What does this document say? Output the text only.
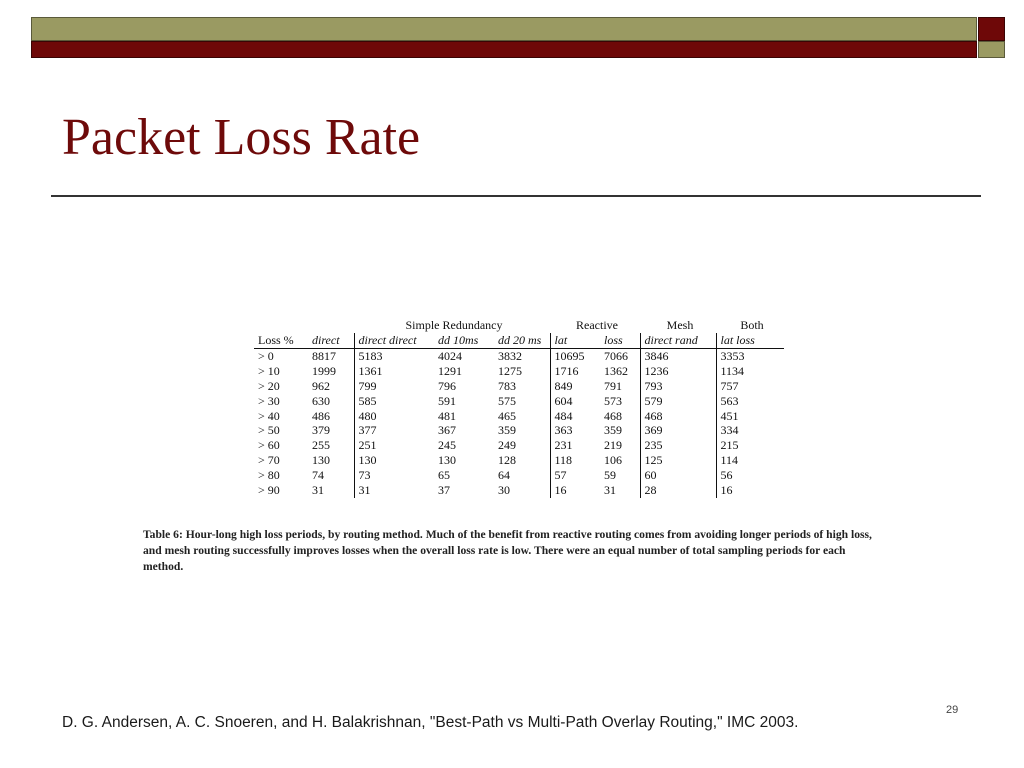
Packet Loss Rate
		Simple Redundancy			Reactive		Mesh	Both
Loss %	direct	direct direct	dd 10ms	dd 20 ms	lat	loss	direct rand	lat loss
> 0	8817	5183	4024	3832	10695	7066	3846	3353
> 10	1999	1361	1291	1275	1716	1362	1236	1134
> 20	962	799	796	783	849	791	793	757
> 30	630	585	591	575	604	573	579	563
> 40	486	480	481	465	484	468	468	451
> 50	379	377	367	359	363	359	369	334
> 60	255	251	245	249	231	219	235	215
> 70	130	130	130	128	118	106	125	114
> 80	74	73	65	64	57	59	60	56
> 90	31	31	37	30	16	31	28	16

Table 6: Hour-long high loss periods, by routing method. Much of the benefit from reactive routing comes from avoiding longer periods of high loss, and mesh routing successfully improves losses when the overall loss rate is low. There were an equal number of total sampling periods for each method.

29

D. G. Andersen, A. C. Snoeren, and H. Balakrishnan, "Best-Path vs Multi-Path Overlay Routing," IMC 2003.
